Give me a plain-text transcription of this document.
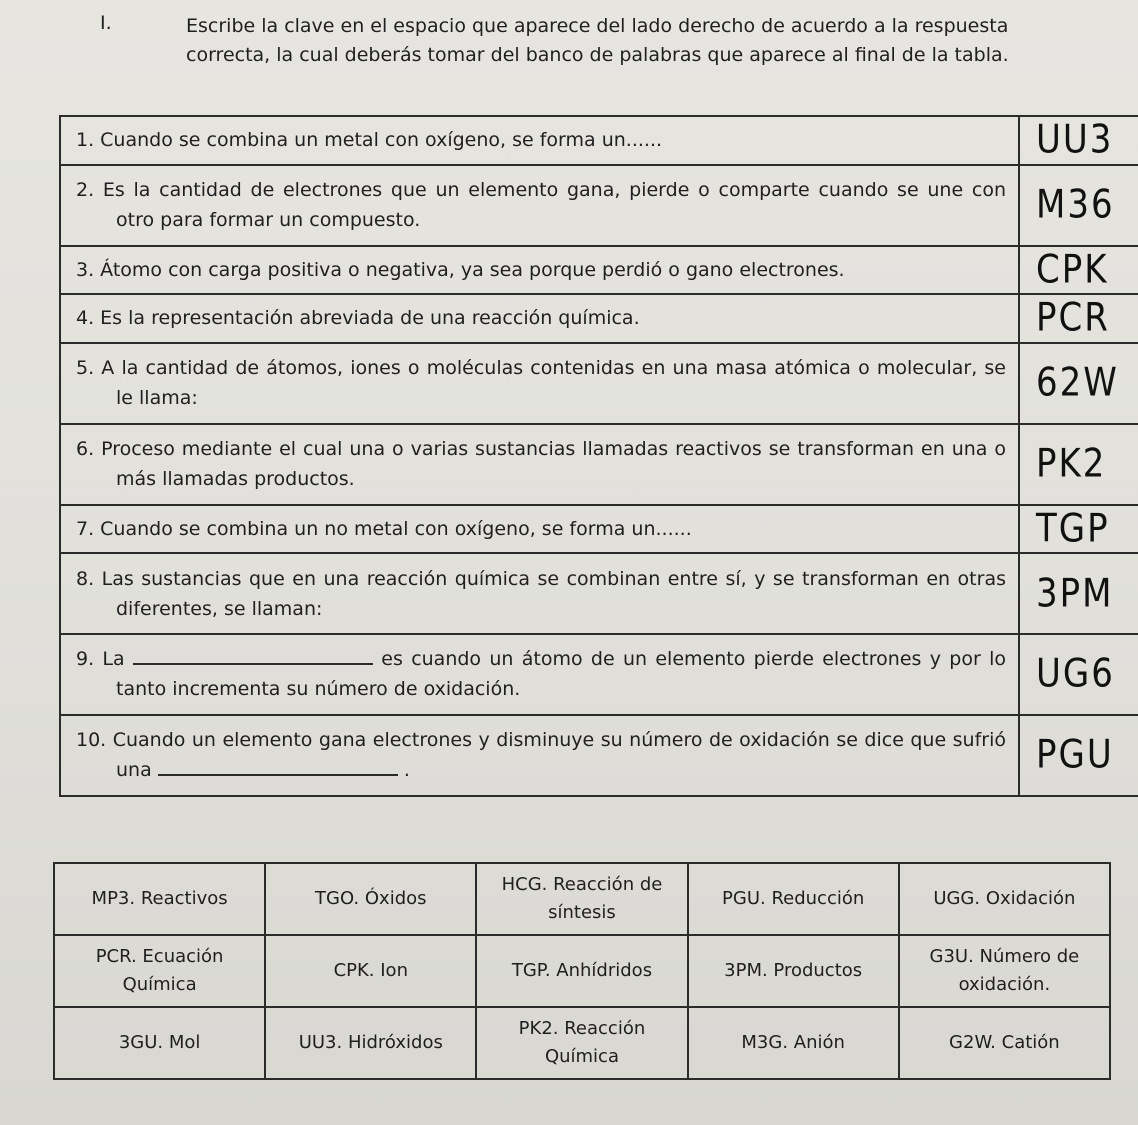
I.	Escribe la clave en el espacio que aparece del lado derecho de acuerdo a la respuesta correcta, la cual deberás tomar del banco de palabras que aparece al final de la tabla.
1. Cuando se combina un metal con oxígeno, se forma un......	UU3

2. Es la cantidad de electrones que un elemento gana, pierde o comparte cuando se une con otro para formar un compuesto.	M36

3. Átomo con carga positiva o negativa, ya sea porque perdió o gano electrones.	CPK

4. Es la representación abreviada de una reacción química.	PCR

5. A la cantidad de átomos, iones o moléculas contenidas en una masa atómica o molecular, se le llama:	62W

6. Proceso mediante el cual una o varias sustancias llamadas reactivos se transforman en una o más llamadas productos.	PK2

7. Cuando se combina un no metal con oxígeno, se forma un......	TGP

8. Las sustancias que en una reacción química se combinan entre sí, y se transforman en otras diferentes, se llaman:	3PM

9. La es cuando un átomo de un elemento pierde electrones y por lo tanto incrementa su número de oxidación.	UG6

10. Cuando un elemento gana electrones y disminuye su número de oxidación se dice que sufrió una .	PGU
MP3. Reactivos	TGO. Óxidos	HCG. Reacción de síntesis	PGU. Reducción	UGG. Oxidación
PCR. Ecuación Química	CPK. Ion	TGP. Anhídridos	3PM. Productos	G3U. Número de oxidación.
3GU. Mol	UU3. Hidróxidos	PK2. Reacción Química	M3G. Anión	G2W. Catión
